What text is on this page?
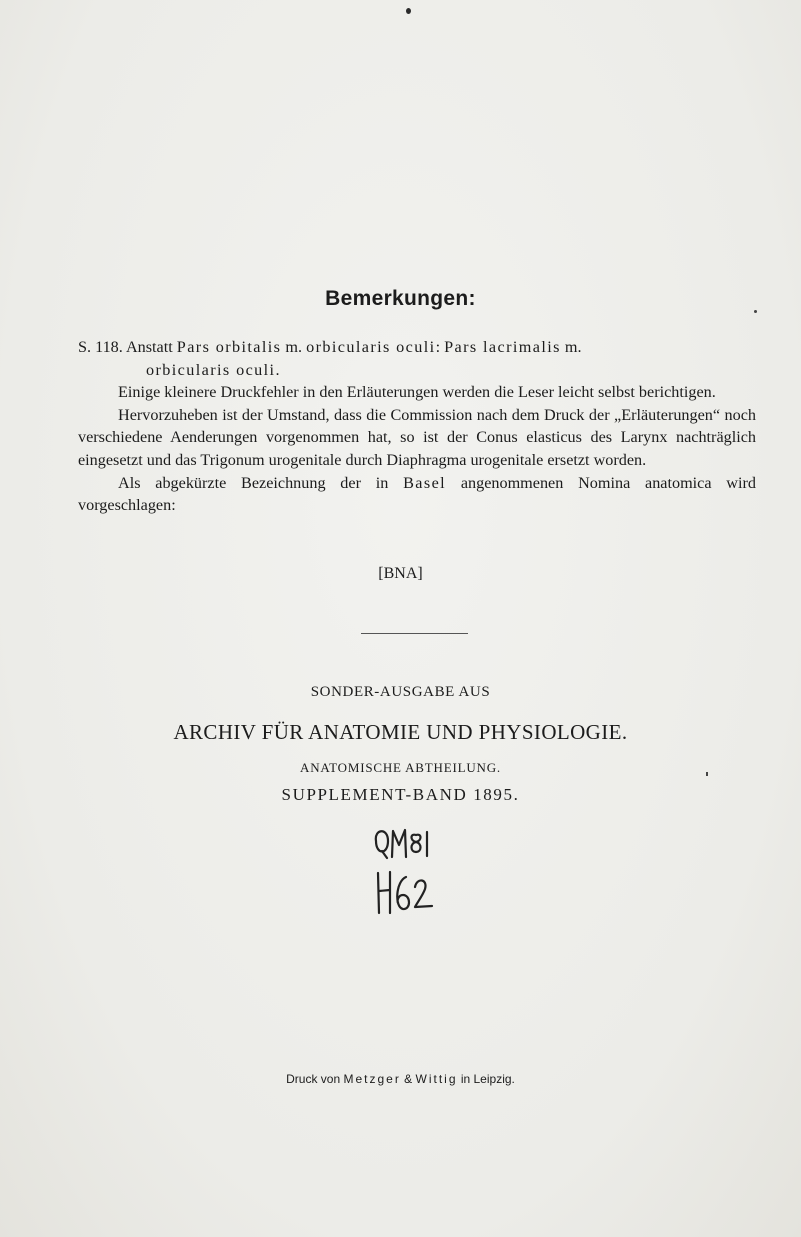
Bemerkungen:

S. 118. Anstatt Pars orbitalis m. orbicularis oculi: Pars lacrimalis m.

orbicularis oculi.

Einige kleinere Druckfehler in den Erläuterungen werden die Leser leicht selbst berichtigen.

Hervorzuheben ist der Umstand, dass die Commission nach dem Druck der „Erläuterungen“ noch verschiedene Aenderungen vorgenommen hat, so ist der Conus elasticus des Larynx nachträglich eingesetzt und das Trigonum urogenitale durch Diaphragma urogenitale ersetzt worden.

Als abgekürzte Bezeichnung der in Basel angenommenen Nomina anatomica wird vorgeschlagen:

[BNA]
SONDER-AUSGABE AUS
ARCHIV FÜR ANATOMIE UND PHYSIOLOGIE.
ANATOMISCHE ABTHEILUNG.
SUPPLEMENT-BAND 1895.
Druck von Metzger & Wittig in Leipzig.
